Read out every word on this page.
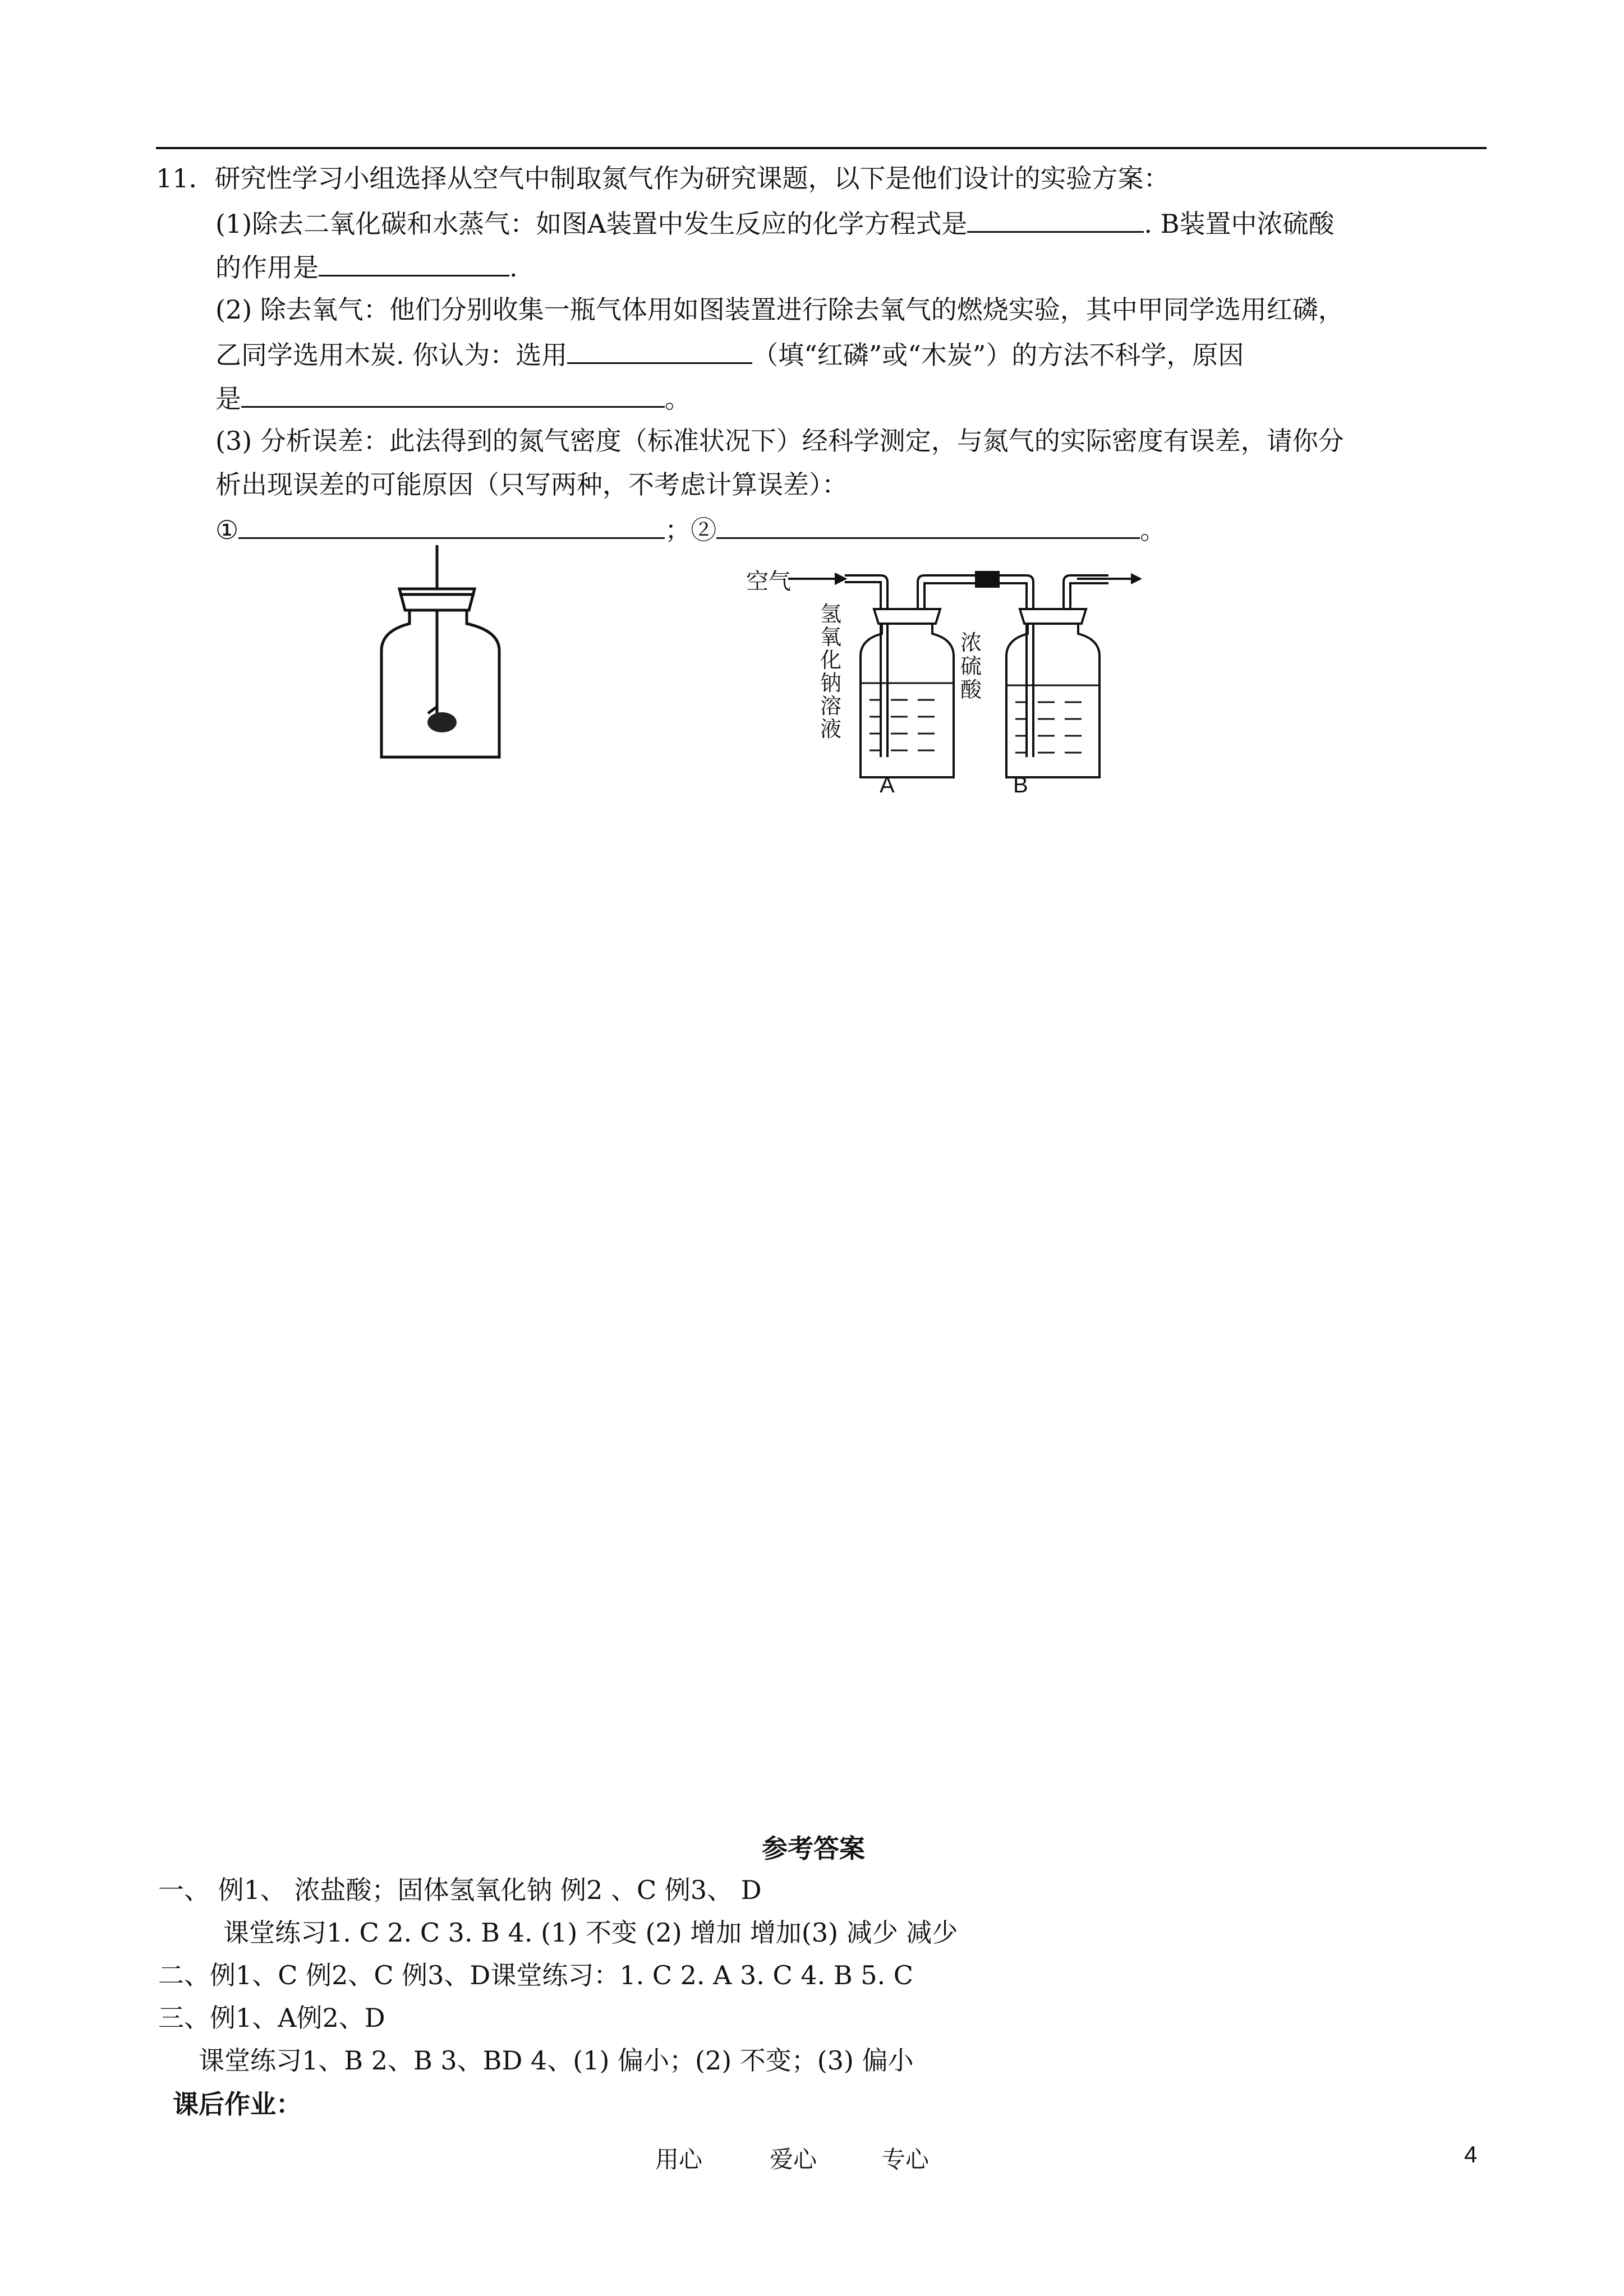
11．研究性学习小组选择从空气中制取氮气作为研究课题，以下是他们设计的实验方案：
(1)除去二氧化碳和水蒸气：如图A装置中发生反应的化学方程式是	. B装置中浓硫酸
的作用是	.
(2) 除去氧气：他们分别收集一瓶气体用如图装置进行除去氧气的燃烧实验，其中甲同学选用红磷，
乙同学选用木炭. 你认为：选用	（填“红磷”或“木炭”）的方法不科学，原因
是	。
(3) 分析误差：此法得到的氮气密度（标准状况下）经科学测定，与氮气的实际密度有误差，请你分
析出现误差的可能原因（只写两种，不考虑计算误差）：
①	；②	。
空气
氢
氧
化
钠
溶
液
浓
硫
酸
A	B
参考答案
一、 例1、 浓盐酸；固体氢氧化钠 例2 、C 例3、 D
课堂练习1. C 2. C 3. B 4. (1) 不变 (2) 增加 增加(3) 减少 减少
二、例1、C 例2、C 例3、D课堂练习：1. C 2. A 3. C 4. B 5. C
三、例1、A例2、D
课堂练习1、B 2、B 3、BD 4、(1) 偏小；(2) 不变；(3) 偏小
课后作业：
用心	爱心	专心	4
